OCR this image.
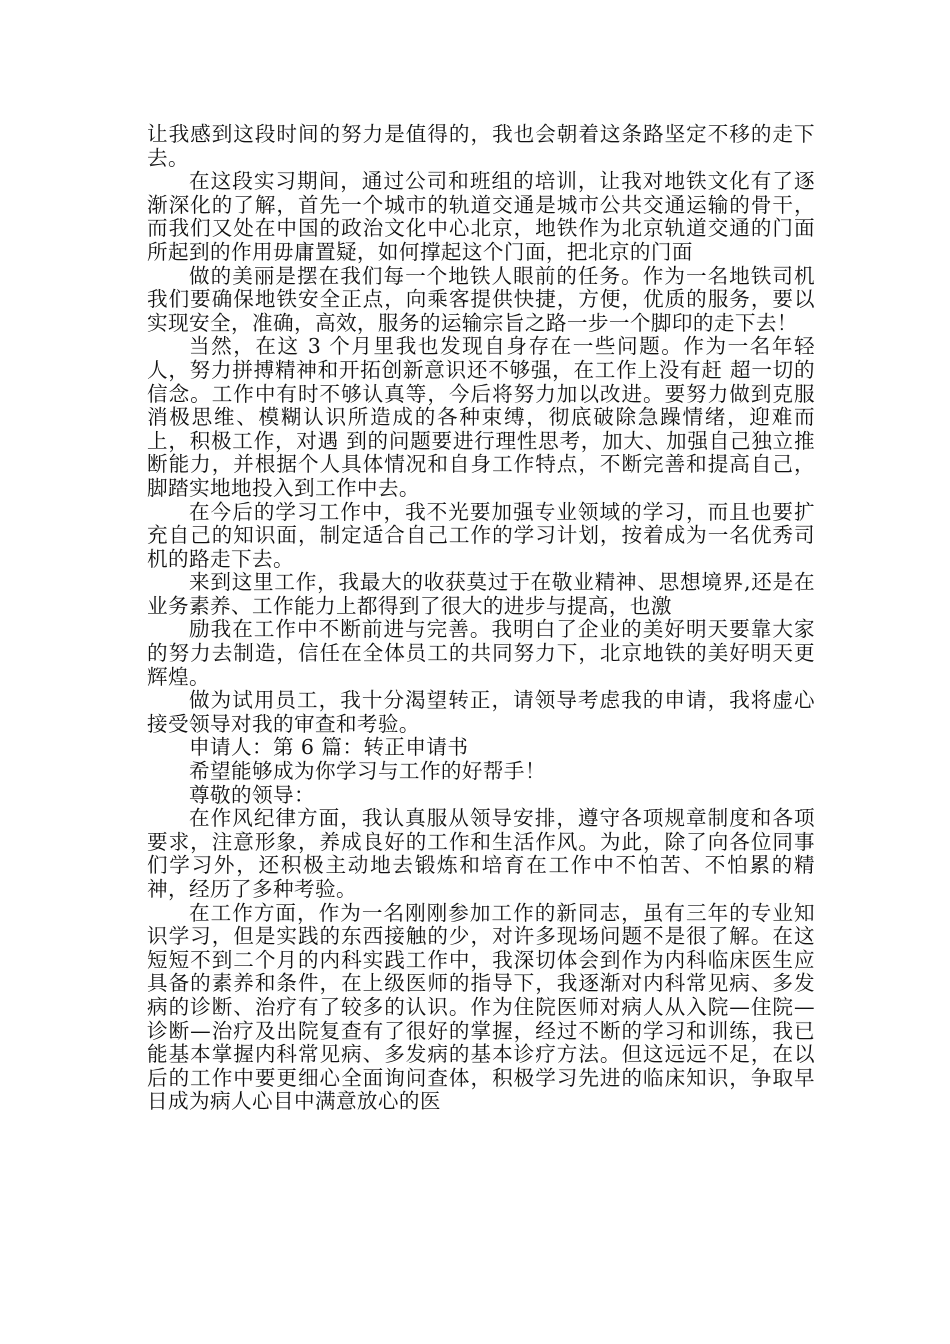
让我感到这段时间的努力是值得的，我也会朝着这条路坚定不移的走下去。

在这段实习期间，通过公司和班组的培训，让我对地铁文化有了逐渐深化的了解，首先一个城市的轨道交通是城市公共交通运输的骨干，而我们又处在中国的政治文化中心北京，地铁作为北京轨道交通的门面所起到的作用毋庸置疑，如何撑起这个门面，把北京的门面

做的美丽是摆在我们每一个地铁人眼前的任务。作为一名地铁司机我们要确保地铁安全正点，向乘客提供快捷，方便，优质的服务，要以实现安全，准确，高效，服务的运输宗旨之路一步一个脚印的走下去！

当然，在这 3 个月里我也发现自身存在一些问题。作为一名年轻人，努力拼搏精神和开拓创新意识还不够强，在工作上没有赶 超一切的信念。工作中有时不够认真等，今后将努力加以改进。要努力做到克服消极思维、模糊认识所造成的各种束缚，彻底破除急躁情绪，迎难而上，积极工作，对遇 到的问题要进行理性思考，加大、加强自己独立推断能力，并根据个人具体情况和自身工作特点，不断完善和提高自己，脚踏实地地投入到工作中去。

在今后的学习工作中，我不光要加强专业领域的学习，而且也要扩充自己的知识面，制定适合自己工作的学习计划，按着成为一名优秀司机的路走下去。

来到这里工作，我最大的收获莫过于在敬业精神、思想境界,还是在业务素养、工作能力上都得到了很大的进步与提高，也激

励我在工作中不断前进与完善。我明白了企业的美好明天要靠大家的努力去制造，信任在全体员工的共同努力下，北京地铁的美好明天更辉煌。

做为试用员工，我十分渴望转正，请领导考虑我的申请，我将虚心接受领导对我的审查和考验。

申请人：第 6 篇：转正申请书

希望能够成为你学习与工作的好帮手！

尊敬的领导：

在作风纪律方面，我认真服从领导安排，遵守各项规章制度和各项要求，注意形象，养成良好的工作和生活作风。为此，除了向各位同事们学习外，还积极主动地去锻炼和培育在工作中不怕苦、不怕累的精神，经历了多种考验。

在工作方面，作为一名刚刚参加工作的新同志，虽有三年的专业知识学习，但是实践的东西接触的少，对许多现场问题不是很了解。在这短短不到二个月的内科实践工作中，我深切体会到作为内科临床医生应具备的素养和条件，在上级医师的指导下，我逐渐对内科常见病、多发病的诊断、治疗有了较多的认识。作为住院医师对病人从入院—住院—诊断—治疗及出院复查有了很好的掌握，经过不断的学习和训练，我已能基本掌握内科常见病、多发病的基本诊疗方法。但这远远不足，在以后的工作中要更细心全面询问查体，积极学习先进的临床知识，争取早日成为病人心目中满意放心的医
